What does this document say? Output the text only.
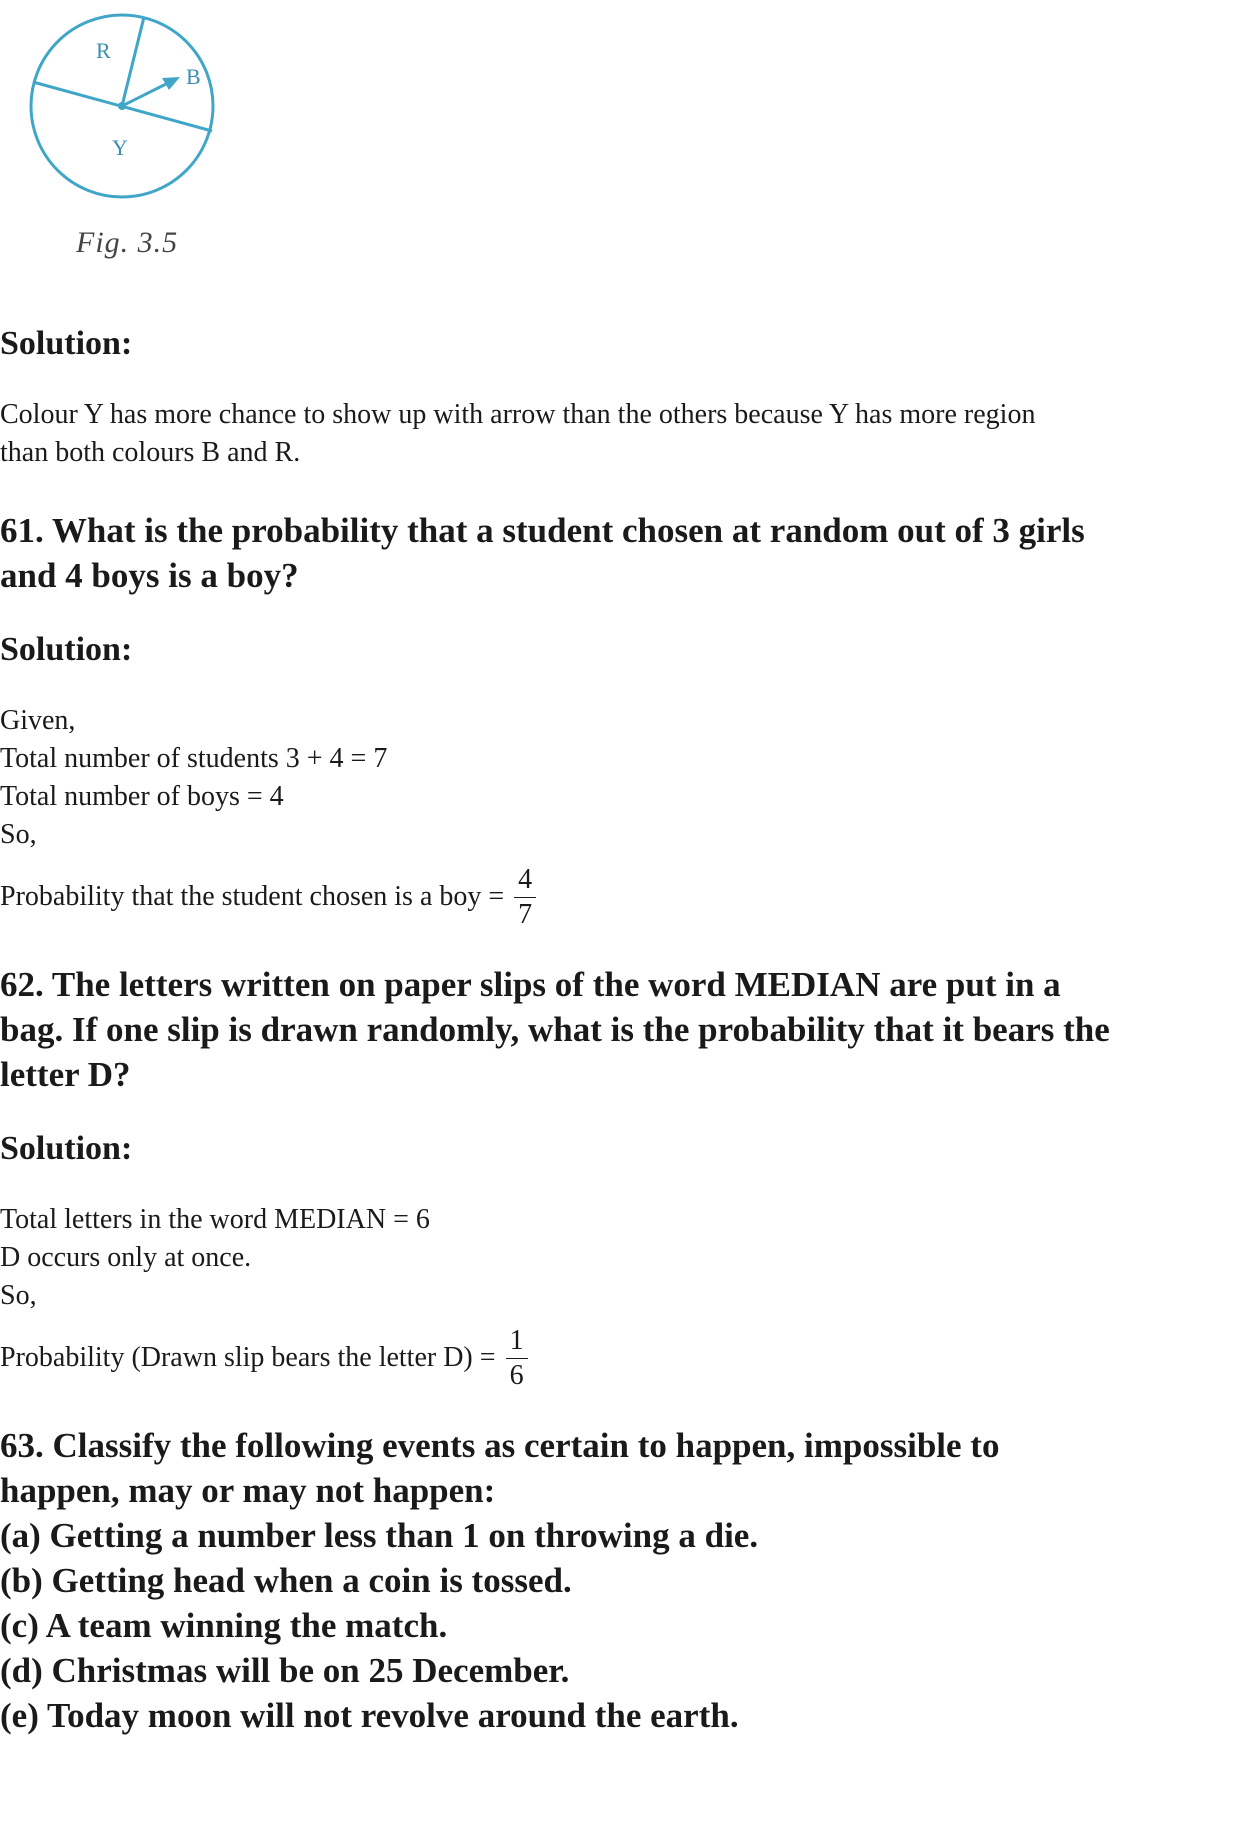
R
B
Y
Fig. 3.5

Solution:

Colour Y has more chance to show up with arrow than the others because Y has more region

than both colours B and R.

61. What is the probability that a student chosen at random out of 3 girls

and 4 boys is a boy?

Solution:

Given,

Total number of students 3 + 4 = 7

Total number of boys = 4

So,

Probability that the student chosen is a boy = $\frac{4}{7}$

62. The letters written on paper slips of the word MEDIAN are put in a

bag. If one slip is drawn randomly, what is the probability that it bears the

letter D?

Solution:

Total letters in the word MEDIAN = 6

D occurs only at once.

So,

Probability (Drawn slip bears the letter $D) = \frac{1}{6}$

63. Classify the following events as certain to happen, impossible to

happen, may or may not happen:

(a) Getting a number less than 1 on throwing a die.

(b) Getting head when a coin is tossed.

(c) A team winning the match.

(d) Christmas will be on 25 December.

(e) Today moon will not revolve around the earth.
